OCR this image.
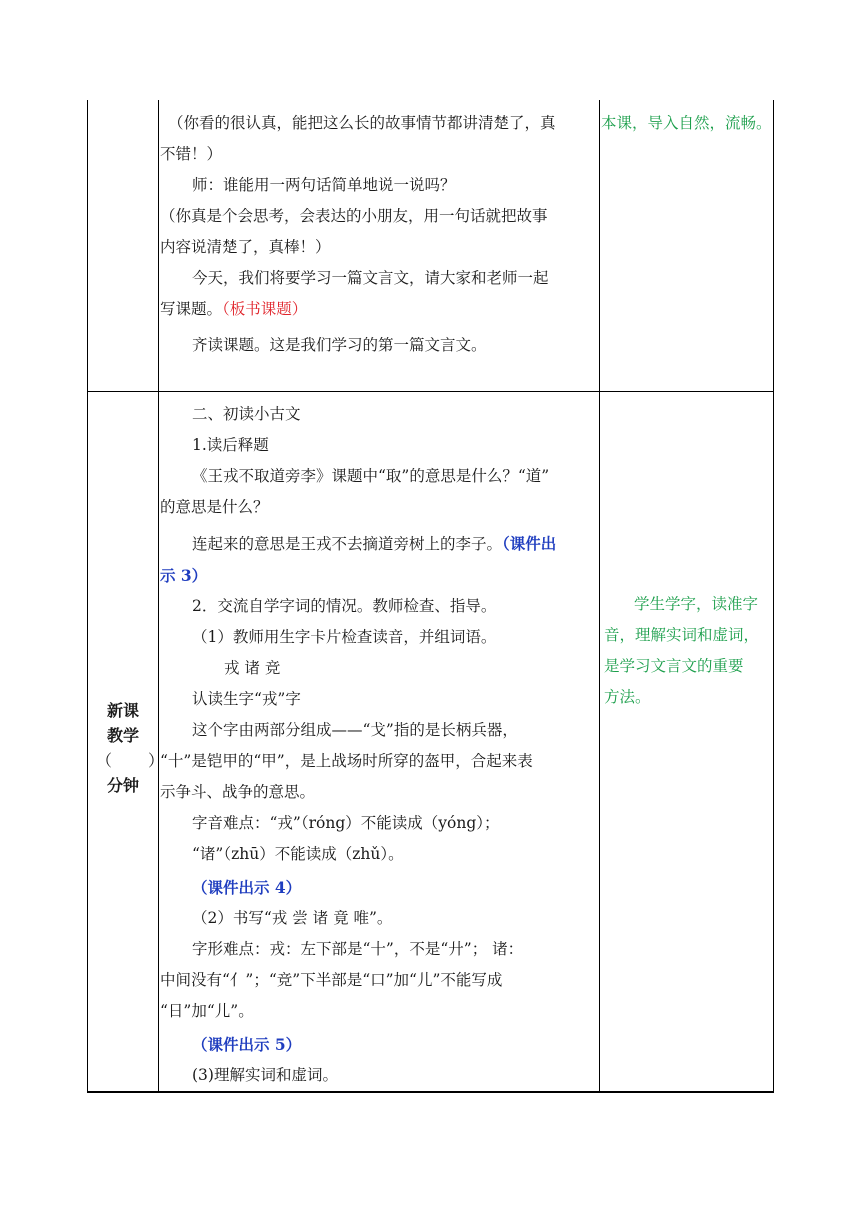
（你看的很认真，能把这么长的故事情节都讲清楚了，真
不错！）
师：谁能用一两句话简单地说一说吗？
（你真是个会思考，会表达的小朋友，用一句话就把故事
内容说清楚了，真棒！）
今天，我们将要学习一篇文言文，请大家和老师一起
写课题。（板书课题）
齐读课题。这是我们学习的第一篇文言文。
本课，导入自然，流畅。
新课
教学
（ ）
分钟
二、初读小古文
1.读后释题
《王戎不取道旁李》课题中“取”的意思是什么？“道”
的意思是什么？
连起来的意思是王戎不去摘道旁树上的李子。（课件出
示 3）
2．交流自学字词的情况。教师检查、指导。
（1）教师用生字卡片检查读音，并组词语。
戎 诸 竞
认读生字“戎”字
这个字由两部分组成——“戈”指的是长柄兵器，
“十”是铠甲的“甲”，是上战场时所穿的盔甲，合起来表
示争斗、战争的意思。
字音难点：“戎”（róng）不能读成（yóng）；
“诸”（zhū）不能读成（zhǔ）。
（课件出示 4）
（2）书写“戎 尝 诸 竟 唯”。
字形难点：戎：左下部是“十”，不是“廾”； 诸：
中间没有“亻”；“竞”下半部是“口”加“儿”不能写成
“日”加“儿”。
（课件出示 5）
(3)理解实词和虚词。
学生学字，读准字
音，理解实词和虚词，
是学习文言文的重要
方法。
